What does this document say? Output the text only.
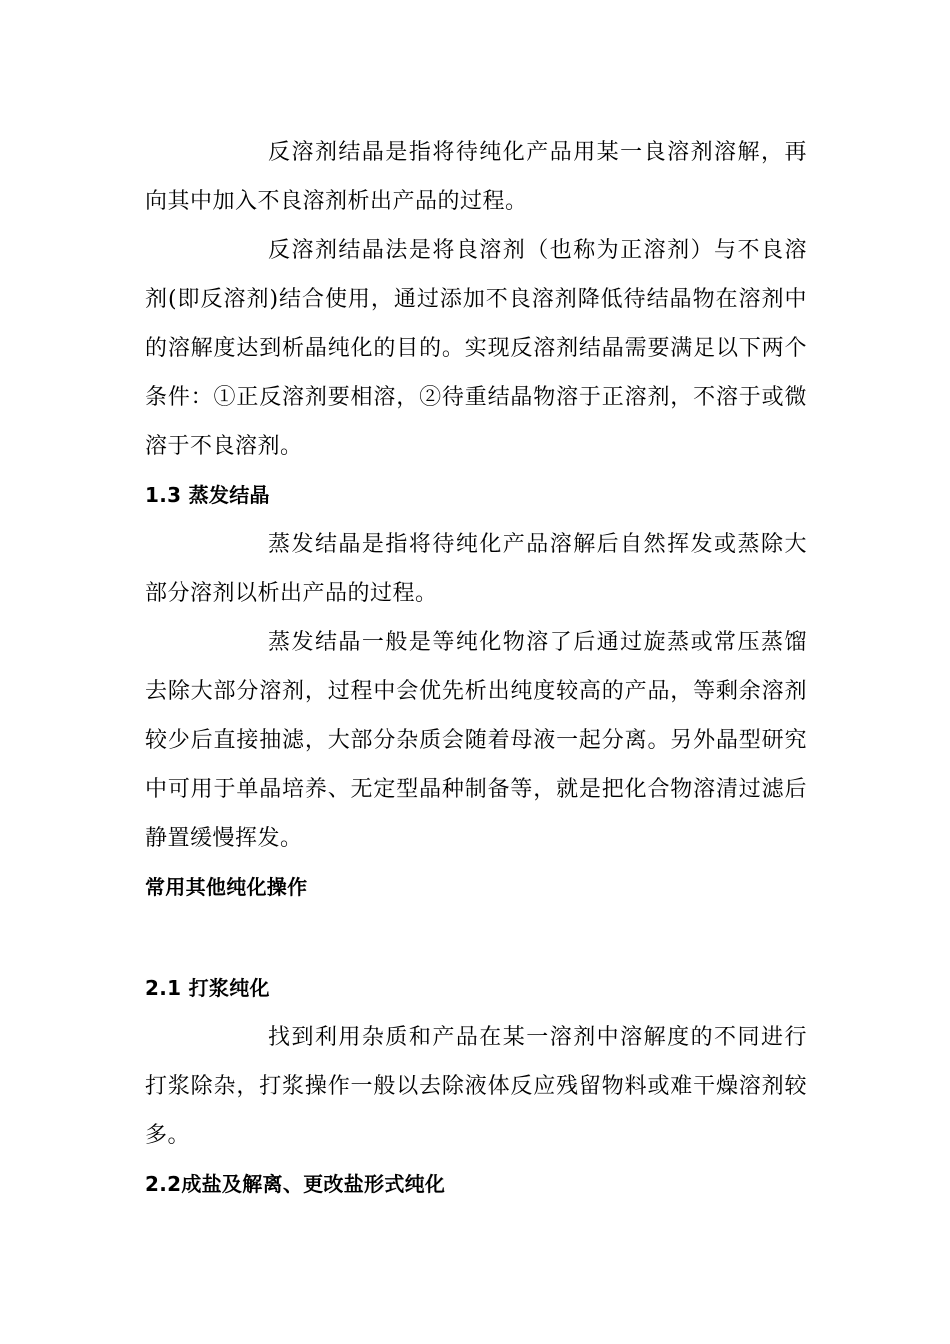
反溶剂结晶是指将待纯化产品用某一良溶剂溶解，再向其中加入不良溶剂析出产品的过程。

反溶剂结晶法是将良溶剂（也称为正溶剂）与不良溶剂(即反溶剂)结合使用，通过添加不良溶剂降低待结晶物在溶剂中的溶解度达到析晶纯化的目的。实现反溶剂结晶需要满足以下两个条件：①正反溶剂要相溶，②待重结晶物溶于正溶剂，不溶于或微溶于不良溶剂。

1.3 蒸发结晶

蒸发结晶是指将待纯化产品溶解后自然挥发或蒸除大部分溶剂以析出产品的过程。

蒸发结晶一般是等纯化物溶了后通过旋蒸或常压蒸馏去除大部分溶剂，过程中会优先析出纯度较高的产品，等剩余溶剂较少后直接抽滤，大部分杂质会随着母液一起分离。另外晶型研究中可用于单晶培养、无定型晶种制备等，就是把化合物溶清过滤后静置缓慢挥发。

常用其他纯化操作
2.1 打浆纯化

找到利用杂质和产品在某一溶剂中溶解度的不同进行打浆除杂，打浆操作一般以去除液体反应残留物料或难干燥溶剂较多。

2.2成盐及解离、更改盐形式纯化
